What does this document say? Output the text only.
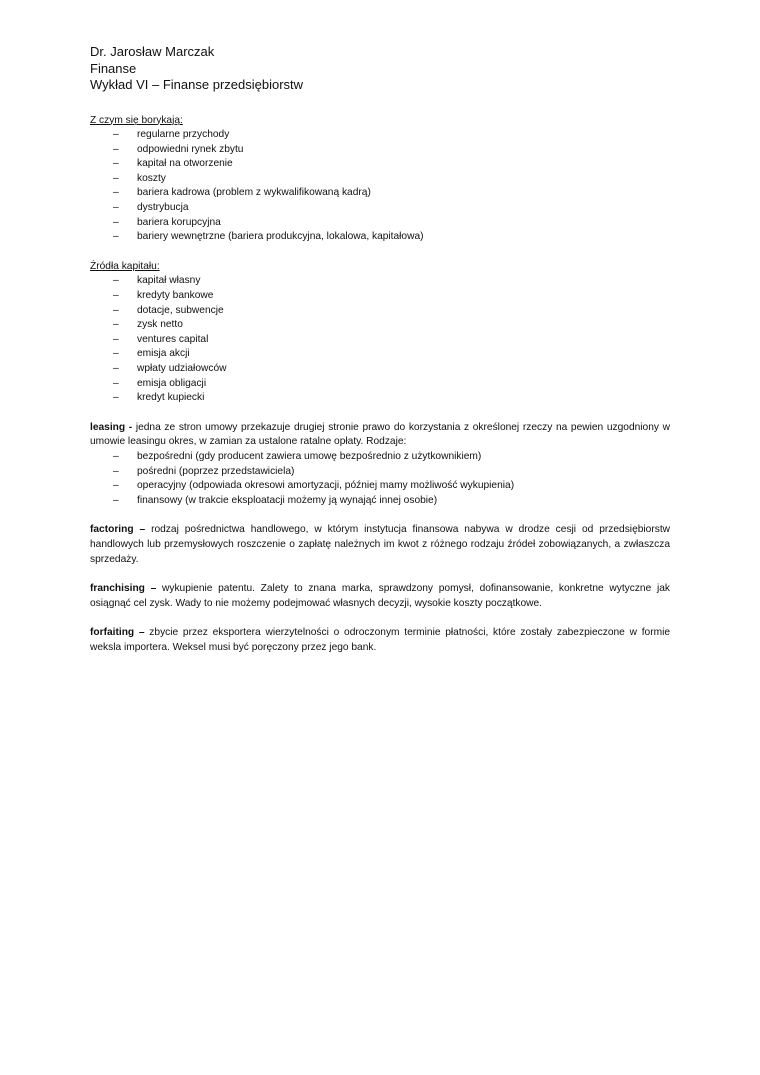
Dr. Jarosław Marczak

Finanse

Wykład VI – Finanse przedsiębiorstw

Z czym się borykają:

– regularne przychody
– odpowiedni rynek zbytu
– kapitał na otworzenie
– koszty
– bariera kadrowa (problem z wykwalifikowaną kadrą)
– dystrybucja
– bariera korupcyjna
– bariery wewnętrzne (bariera produkcyjna, lokalowa, kapitałowa)

Źródła kapitału:

– kapitał własny
– kredyty bankowe
– dotacje, subwencje
– zysk netto
– ventures capital
– emisja akcji
– wpłaty udziałowców
– emisja obligacji
– kredyt kupiecki

leasing - jedna ze stron umowy przekazuje drugiej stronie prawo do korzystania z określonej rzeczy na pewien uzgodniony w umowie leasingu okres, w zamian za ustalone ratalne opłaty. Rodzaje:

– bezpośredni (gdy producent zawiera umowę bezpośrednio z użytkownikiem)
– pośredni (poprzez przedstawiciela)
– operacyjny (odpowiada okresowi amortyzacji, później mamy możliwość wykupienia)
– finansowy (w trakcie eksploatacji możemy ją wynająć innej osobie)

factoring – rodzaj pośrednictwa handlowego, w którym instytucja finansowa nabywa w drodze cesji od przedsiębiorstw handlowych lub przemysłowych roszczenie o zapłatę należnych im kwot z różnego rodzaju źródeł zobowiązanych, a zwłaszcza sprzedaży.

franchising – wykupienie patentu. Zalety to znana marka, sprawdzony pomysł, dofinansowanie, konkretne wytyczne jak osiągnąć cel zysk. Wady to nie możemy podejmować własnych decyzji, wysokie koszty początkowe.

forfaiting – zbycie przez eksportera wierzytelności o odroczonym terminie płatności, które zostały zabezpieczone w formie weksla importera. Weksel musi być poręczony przez jego bank.
